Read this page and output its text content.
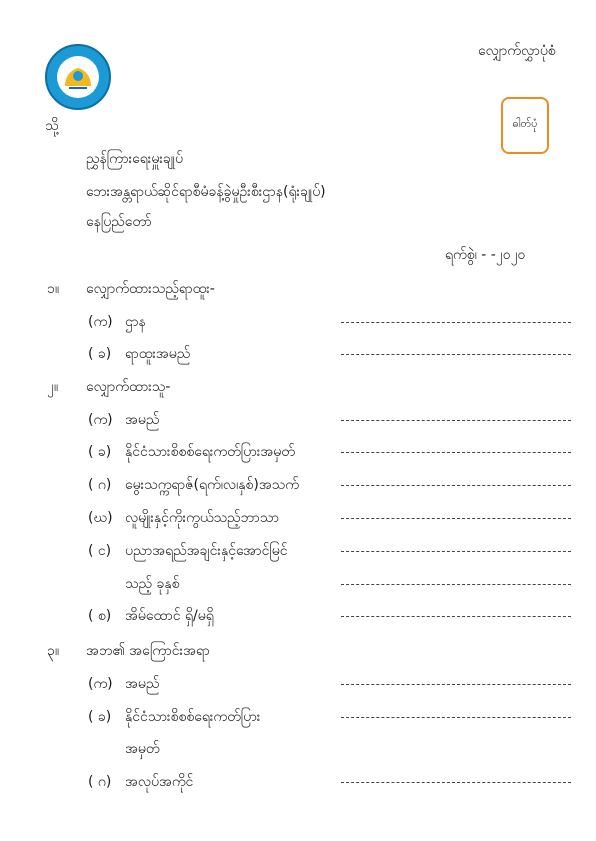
လျှောက်လွှာပုံစံ
ဓါတ်ပုံ
သို့
ညွှန်ကြားရေးမှူးချုပ်
ဘေးအန္တရာယ်ဆိုင်ရာစီမံခန့်ခွဲမှုဦးစီးဌာန(ရုံးချုပ်)
နေပြည်တော်
ရက်စွဲ၊ - -၂၀၂၀
၁။ လျှောက်ထားသည့်ရာထူး-
(က) ဌာန
( ခ) ရာထူးအမည်
၂။ လျှောက်ထားသူ-
(က) အမည်
( ခ) နိုင်ငံသားစိစစ်ရေးကတ်ပြားအမှတ်
( ဂ) မွေးသက္ကရာဇ်(ရက်၊လ၊နှစ်)အသက်
(ဃ) လူမျိုးနှင့်ကိုးကွယ်သည့်ဘာသာ
( င) ပညာအရည်အချင်းနှင့်အောင်မြင်
သည့် ခုနှစ်
( စ) အိမ်ထောင် ရှိ/မရှိ
၃။ အဘ၏ အကြောင်းအရာ
(က) အမည်
( ခ) နိုင်ငံသားစိစစ်ရေးကတ်ပြား
အမှတ်
( ဂ) အလုပ်အကိုင်
